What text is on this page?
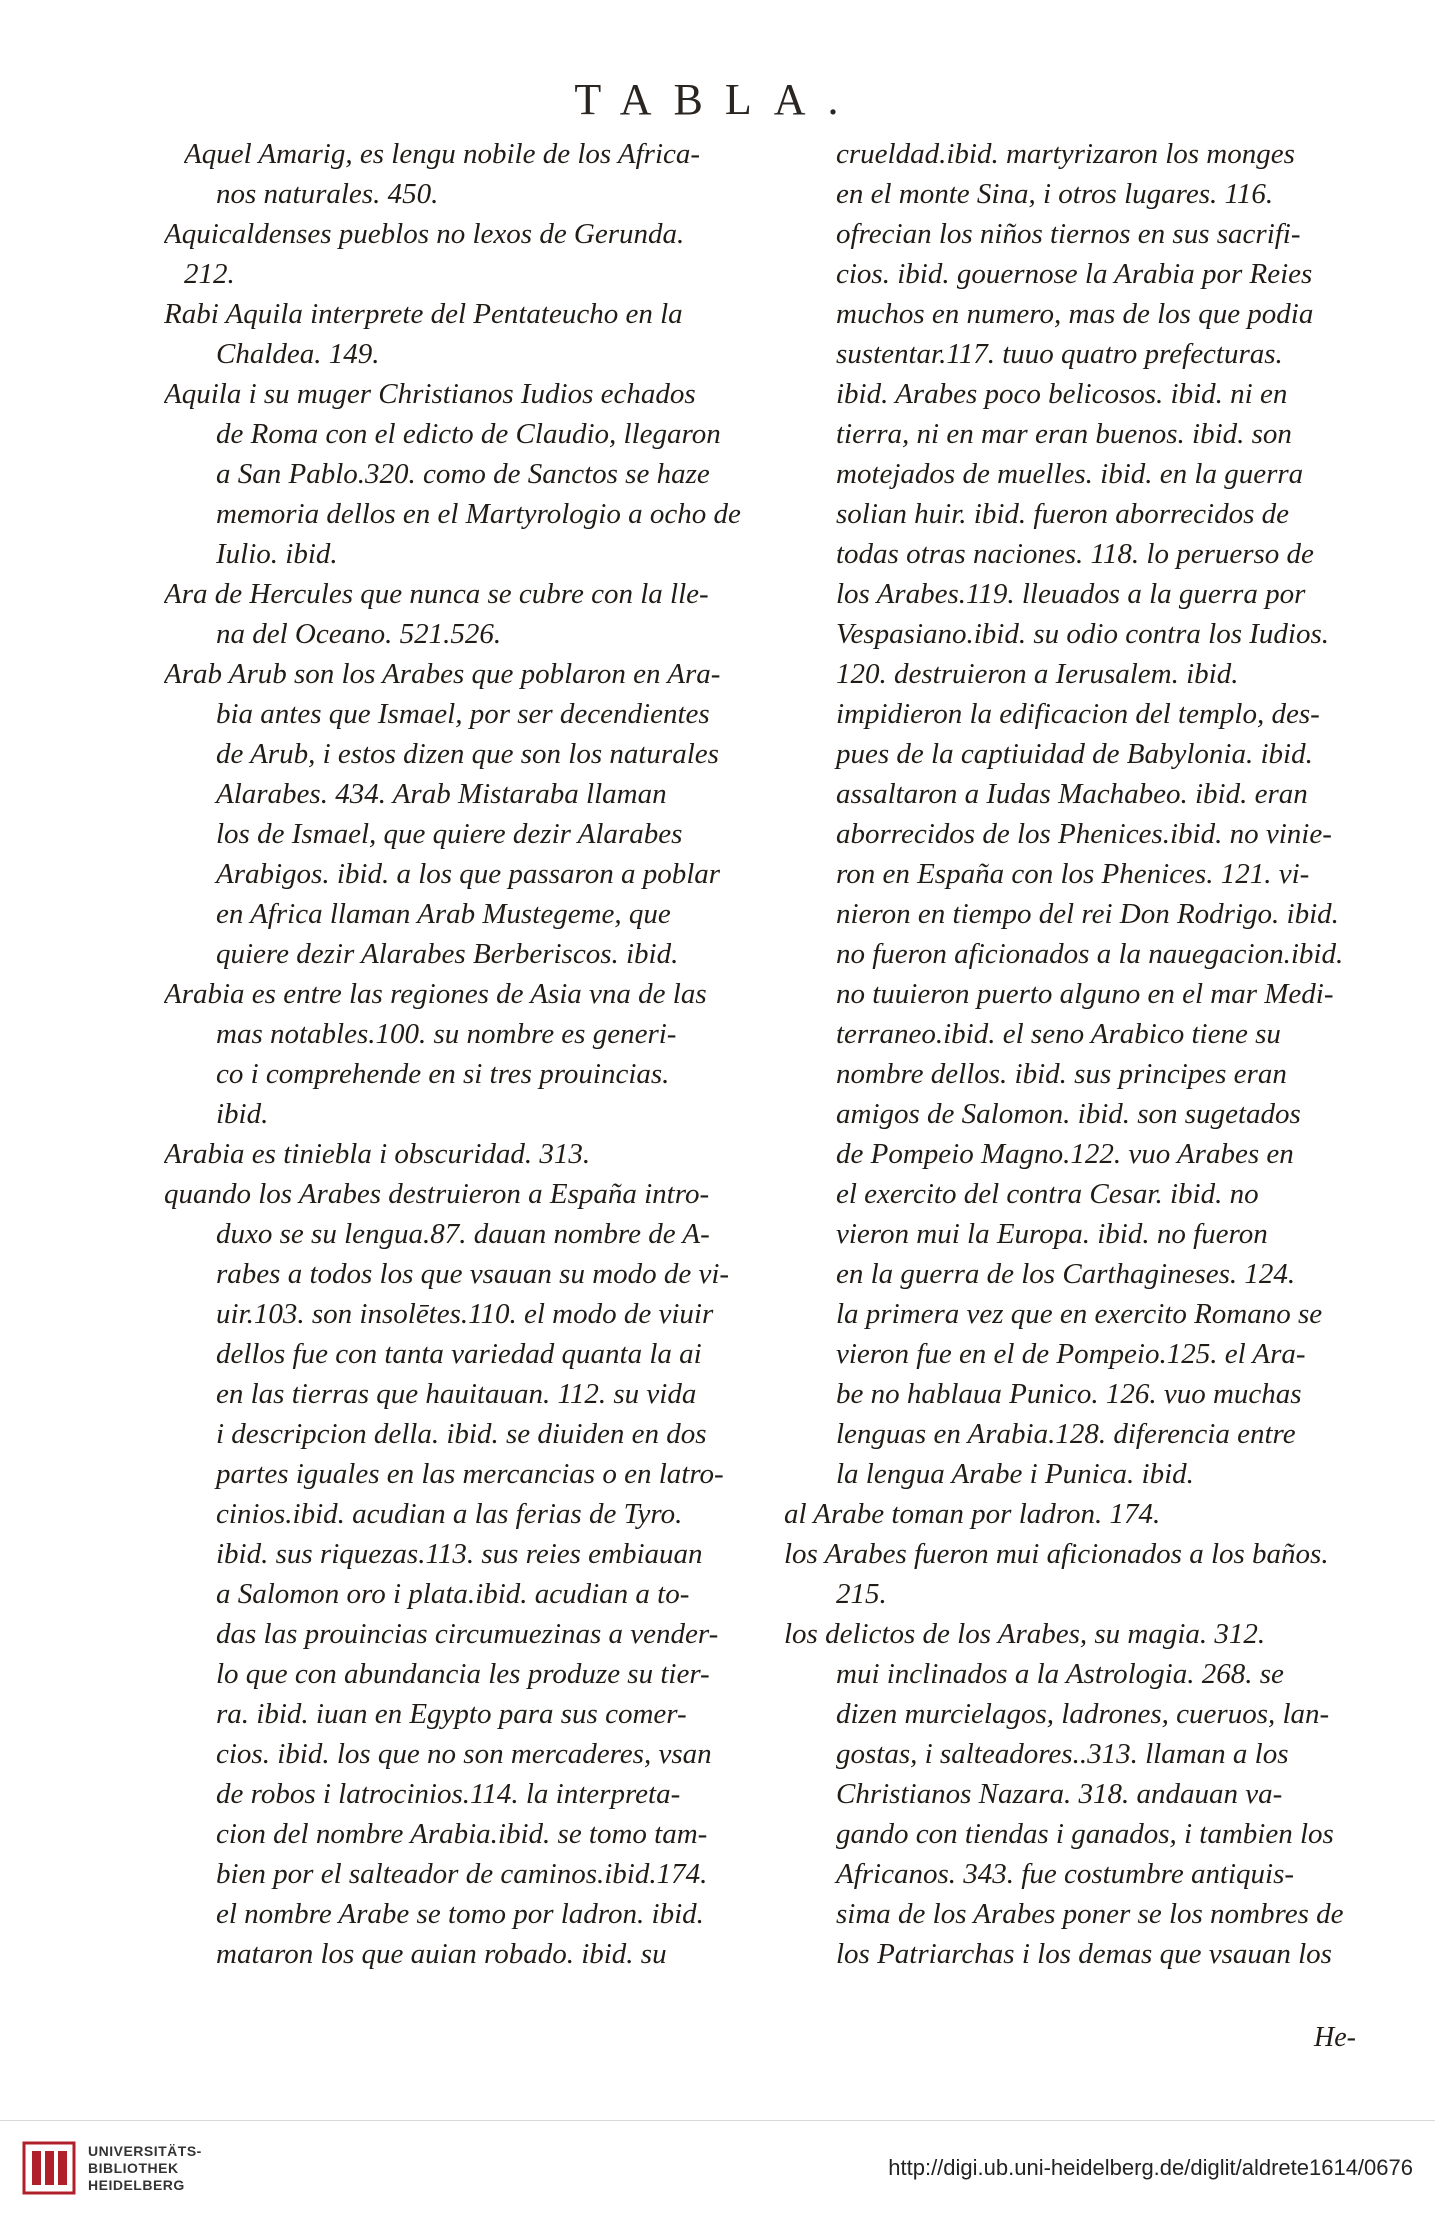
TABLA.
Aquel Amarig, es lengu nobile de los Africa-
nos naturales. 450.
Aquicaldenses pueblos no lexos de Gerunda.
212.
Rabi Aquila interprete del Pentateucho en la
Chaldea. 149.
Aquila i su muger Christianos Iudios echados
de Roma con el edicto de Claudio, llegaron
a San Pablo.320. como de Sanctos se haze
memoria dellos en el Martyrologio a ocho de
Iulio. ibid.
Ara de Hercules que nunca se cubre con la lle-
na del Oceano. 521.526.
Arab Arub son los Arabes que poblaron en Ara-
bia antes que Ismael, por ser decendientes
de Arub, i estos dizen que son los naturales
Alarabes. 434. Arab Mistaraba llaman
los de Ismael, que quiere dezir Alarabes
Arabigos. ibid. a los que passaron a poblar
en Africa llaman Arab Mustegeme, que
quiere dezir Alarabes Berberiscos. ibid.
Arabia es entre las regiones de Asia vna de las
mas notables.100. su nombre es generi-
co i comprehende en si tres prouincias.
ibid.
Arabia es tiniebla i obscuridad. 313.
quando los Arabes destruieron a España intro-
duxo se su lengua.87. dauan nombre de A-
rabes a todos los que vsauan su modo de vi-
uir.103. son insolētes.110. el modo de viuir
dellos fue con tanta variedad quanta la ai
en las tierras que hauitauan. 112. su vida
i descripcion della. ibid. se diuiden en dos
partes iguales en las mercancias o en latro-
cinios.ibid. acudian a las ferias de Tyro.
ibid. sus riquezas.113. sus reies embiauan
a Salomon oro i plata.ibid. acudian a to-
das las prouincias circumuezinas a vender-
lo que con abundancia les produze su tier-
ra. ibid. iuan en Egypto para sus comer-
cios. ibid. los que no son mercaderes, vsan
de robos i latrocinios.114. la interpreta-
cion del nombre Arabia.ibid. se tomo tam-
bien por el salteador de caminos.ibid.174.
el nombre Arabe se tomo por ladron. ibid.
mataron los que auian robado. ibid. su
crueldad.ibid. martyrizaron los monges
en el monte Sina, i otros lugares. 116.
ofrecian los niños tiernos en sus sacrifi-
cios. ibid. gouernose la Arabia por Reies
muchos en numero, mas de los que podia
sustentar.117. tuuo quatro prefecturas.
ibid. Arabes poco belicosos. ibid. ni en
tierra, ni en mar eran buenos. ibid. son
motejados de muelles. ibid. en la guerra
solian huir. ibid. fueron aborrecidos de
todas otras naciones. 118. lo peruerso de
los Arabes.119. lleuados a la guerra por
Vespasiano.ibid. su odio contra los Iudios.
120. destruieron a Ierusalem. ibid.
impidieron la edificacion del templo, des-
pues de la captiuidad de Babylonia. ibid.
assaltaron a Iudas Machabeo. ibid. eran
aborrecidos de los Phenices.ibid. no vinie-
ron en España con los Phenices. 121. vi-
nieron en tiempo del rei Don Rodrigo. ibid.
no fueron aficionados a la nauegacion.ibid.
no tuuieron puerto alguno en el mar Medi-
terraneo.ibid. el seno Arabico tiene su
nombre dellos. ibid. sus principes eran
amigos de Salomon. ibid. son sugetados
de Pompeio Magno.122. vuo Arabes en
el exercito del contra Cesar. ibid. no
vieron mui la Europa. ibid. no fueron
en la guerra de los Carthagineses. 124.
la primera vez que en exercito Romano se
vieron fue en el de Pompeio.125. el Ara-
be no hablaua Punico. 126. vuo muchas
lenguas en Arabia.128. diferencia entre
la lengua Arabe i Punica. ibid.
al Arabe toman por ladron. 174.
los Arabes fueron mui aficionados a los baños.
215.
los delictos de los Arabes, su magia. 312.
mui inclinados a la Astrologia. 268. se
dizen murcielagos, ladrones, cueruos, lan-
gostas, i salteadores..313. llaman a los
Christianos Nazara. 318. andauan va-
gando con tiendas i ganados, i tambien los
Africanos. 343. fue costumbre antiquis-
sima de los Arabes poner se los nombres de
los Patriarchas i los demas que vsauan los
He-
UNIVERSITÄTS-
BIBLIOTHEK
HEIDELBERG
http://digi.ub.uni-heidelberg.de/diglit/aldrete1614/0676
